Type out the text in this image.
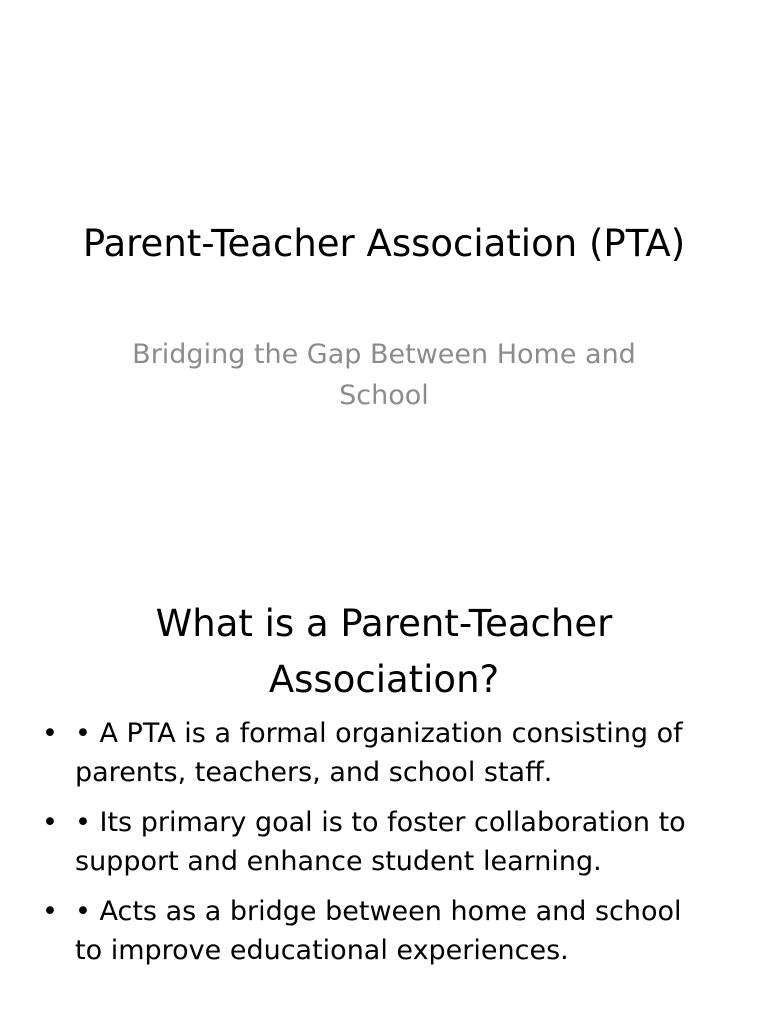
Parent-Teacher Association (PTA)
Bridging the Gap Between Home and School
What is a Parent-Teacher Association?
• • A PTA is a formal organization consisting of parents, teachers, and school staff.
• • Its primary goal is to foster collaboration to support and enhance student learning.
• • Acts as a bridge between home and school to improve educational experiences.
